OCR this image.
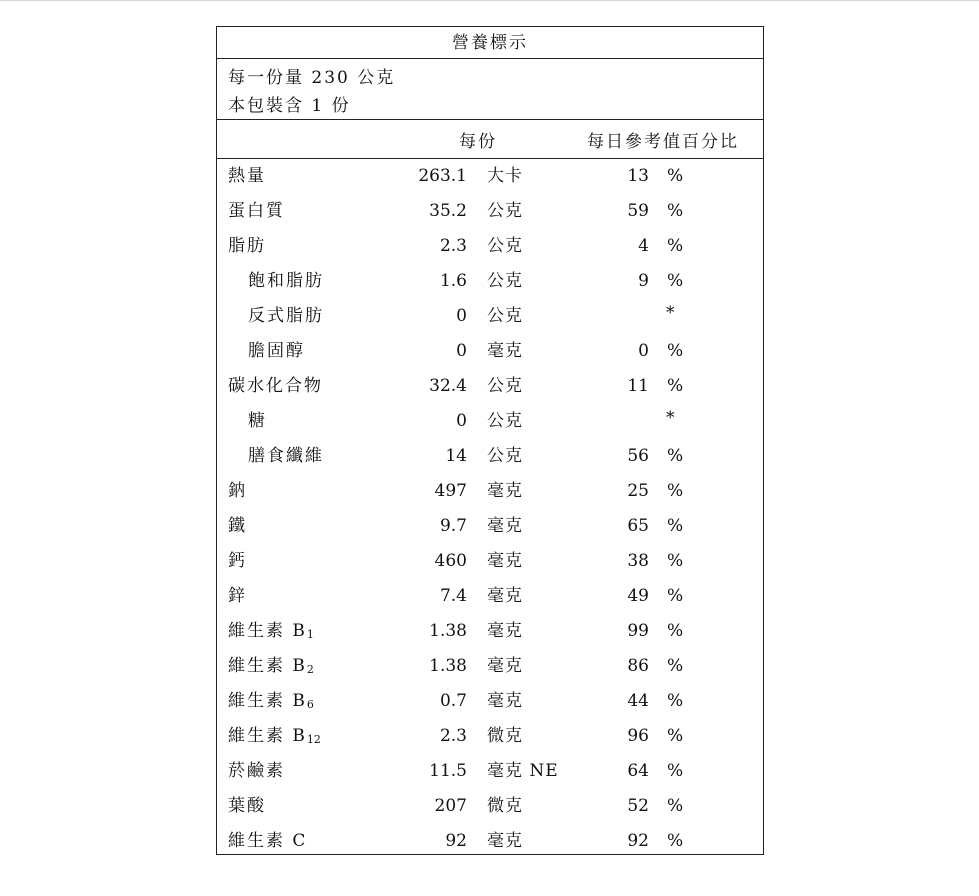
營養標示
每一份量 230 公克
本包裝含 1 份
每份	每日參考值百分比
熱量	263.1 大卡	13 %
蛋白質	35.2 公克	59 %
脂肪	2.3 公克	4 %
飽和脂肪	1.6 公克	9 %
反式脂肪	0 公克	*
膽固醇	0 毫克	0 %
碳水化合物	32.4 公克	11 %
糖	0 公克	*
膳食纖維	14 公克	56 %
鈉	497 毫克	25 %
鐵	9.7 毫克	65 %
鈣	460 毫克	38 %
鋅	7.4 毫克	49 %
維生素 $B_1$	1.38 毫克	99 %
維生素 $B_2$	1.38 毫克	86 %
維生素 $B_6$	0.7 毫克	44 %
維生素 $B_{12}$	2.3 微克	96 %
菸鹼素	11.5 毫克 NE	64 %
葉酸	207 微克	52 %
維生素 C	92 毫克	92 %
